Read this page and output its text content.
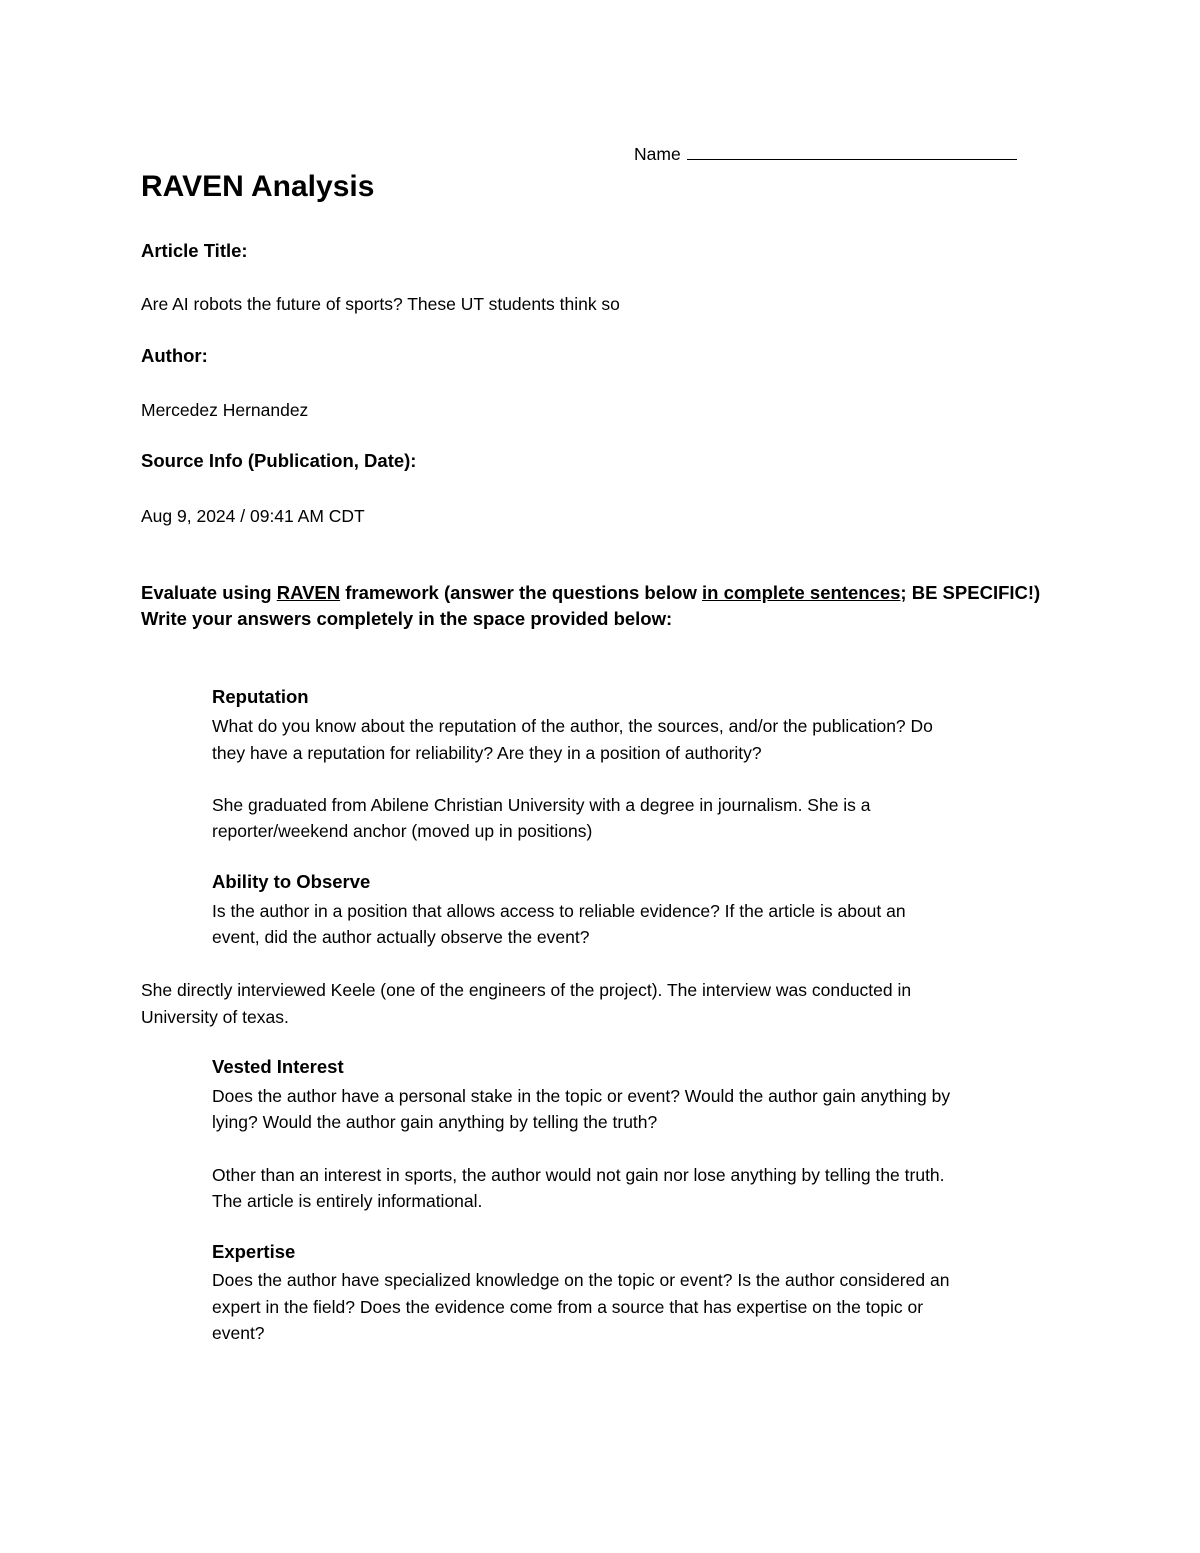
Name
RAVEN Analysis
Article Title:
Are AI robots the future of sports? These UT students think so
Author:
Mercedez Hernandez
Source Info (Publication, Date):
Aug 9, 2024 / 09:41 AM CDT
Evaluate using RAVEN framework (answer the questions below in complete sentences; BE SPECIFIC!)
Write your answers completely in the space provided below:
Reputation
What do you know about the reputation of the author, the sources, and/or the publication? Do
they have a reputation for reliability? Are they in a position of authority?
She graduated from Abilene Christian University with a degree in journalism. She is a
reporter/weekend anchor (moved up in positions)
Ability to Observe
Is the author in a position that allows access to reliable evidence? If the article is about an
event, did the author actually observe the event?
She directly interviewed Keele (one of the engineers of the project). The interview was conducted in
University of texas.
Vested Interest
Does the author have a personal stake in the topic or event? Would the author gain anything by
lying? Would the author gain anything by telling the truth?
Other than an interest in sports, the author would not gain nor lose anything by telling the truth.
The article is entirely informational.
Expertise
Does the author have specialized knowledge on the topic or event? Is the author considered an
expert in the field? Does the evidence come from a source that has expertise on the topic or
event?
